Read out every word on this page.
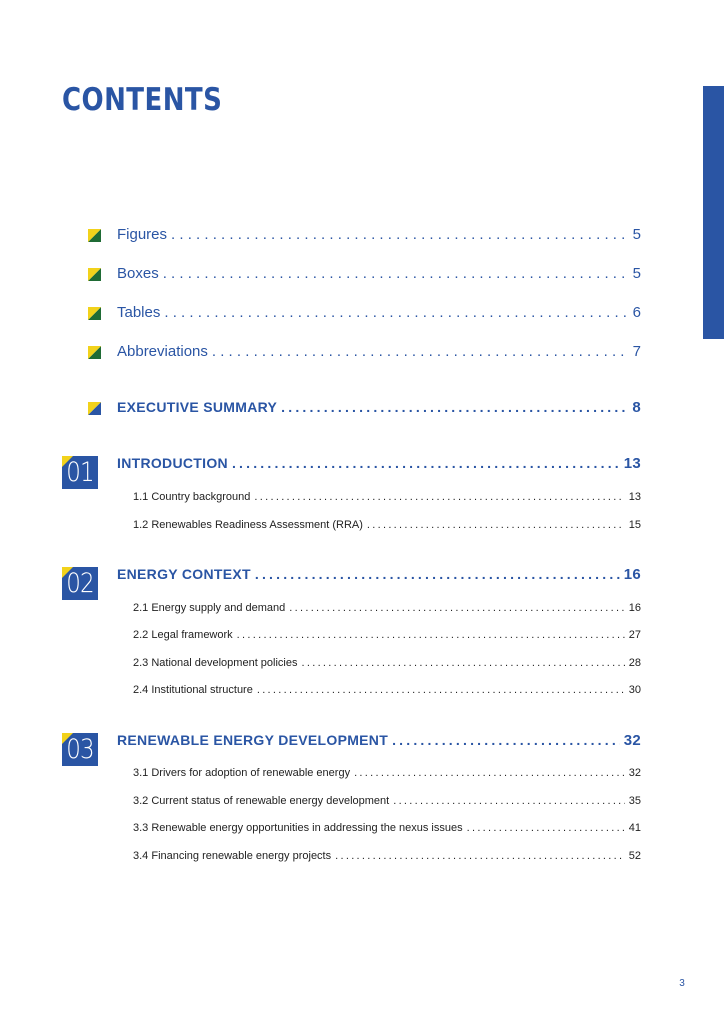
CONTENTS
Figures . . .	5
Boxes . . .	5
Tables . . .	6
Abbreviations . . .	7
EXECUTIVE SUMMARY .....	8
01 INTRODUCTION .....	13
1.1 Country background .....	13
1.2 Renewables Readiness Assessment (RRA) .....	15
02 ENERGY CONTEXT .....	16
2.1 Energy supply and demand .....	16
2.2 Legal framework .....	27
2.3 National development policies .....	28
2.4 Institutional structure .....	30
03 RENEWABLE ENERGY DEVELOPMENT .....	32
3.1 Drivers for adoption of renewable energy .....	32
3.2 Current status of renewable energy development .....	35
3.3 Renewable energy opportunities in addressing the nexus issues .....	41
3.4 Financing renewable energy projects .....	52
3
